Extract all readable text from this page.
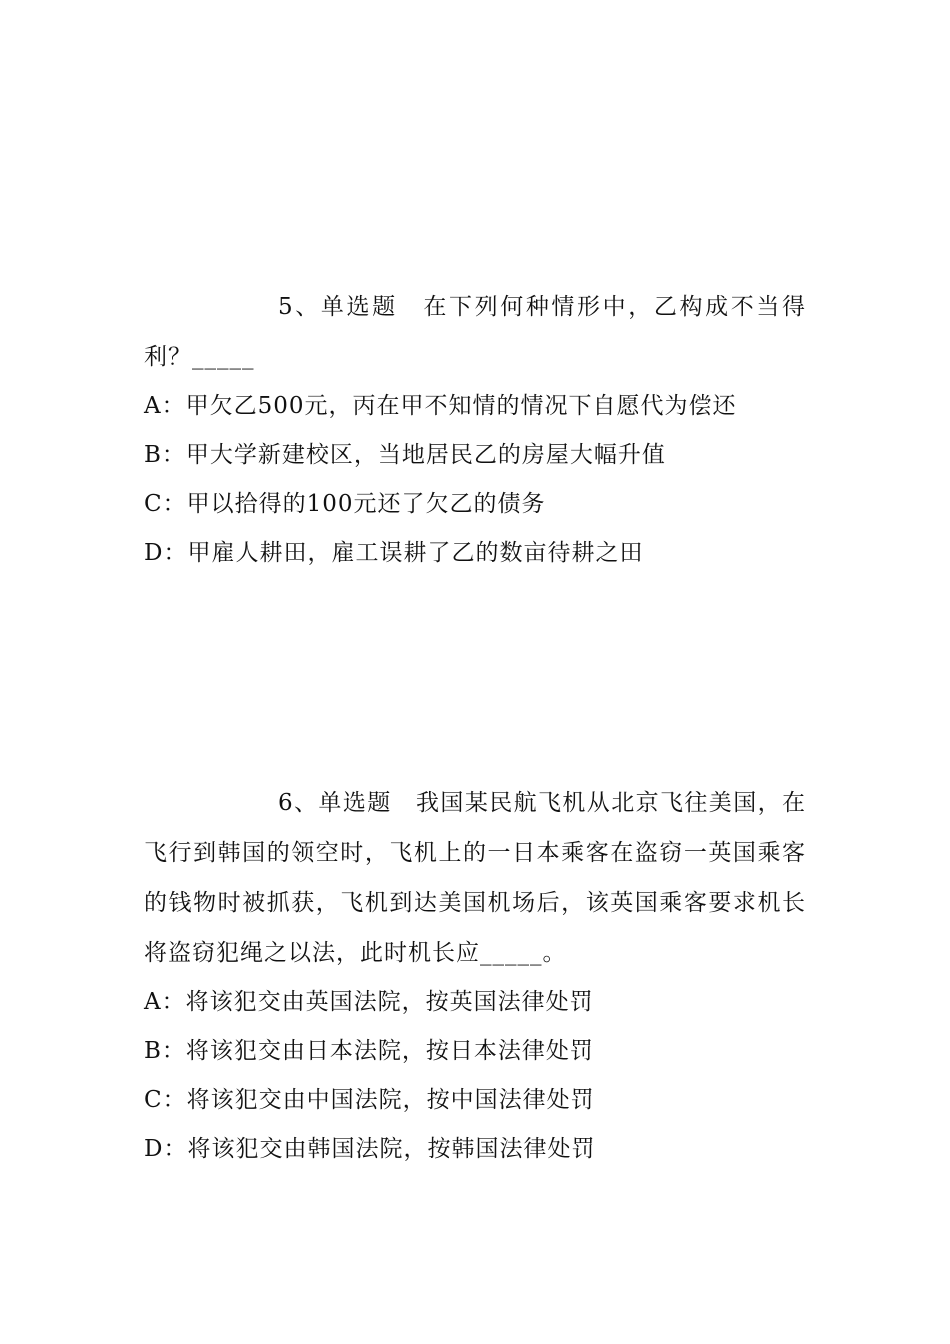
5、单选题　在下列何种情形中，乙构成不当得利？_____

A：甲欠乙500元，丙在甲不知情的情况下自愿代为偿还

B：甲大学新建校区，当地居民乙的房屋大幅升值

C：甲以拾得的100元还了欠乙的债务

D：甲雇人耕田，雇工误耕了乙的数亩待耕之田

6、单选题　我国某民航飞机从北京飞往美国，在飞行到韩国的领空时，飞机上的一日本乘客在盗窃一英国乘客的钱物时被抓获，飞机到达美国机场后，该英国乘客要求机长将盗窃犯绳之以法，此时机长应_____。

A：将该犯交由英国法院，按英国法律处罚

B：将该犯交由日本法院，按日本法律处罚

C：将该犯交由中国法院，按中国法律处罚

D：将该犯交由韩国法院，按韩国法律处罚
